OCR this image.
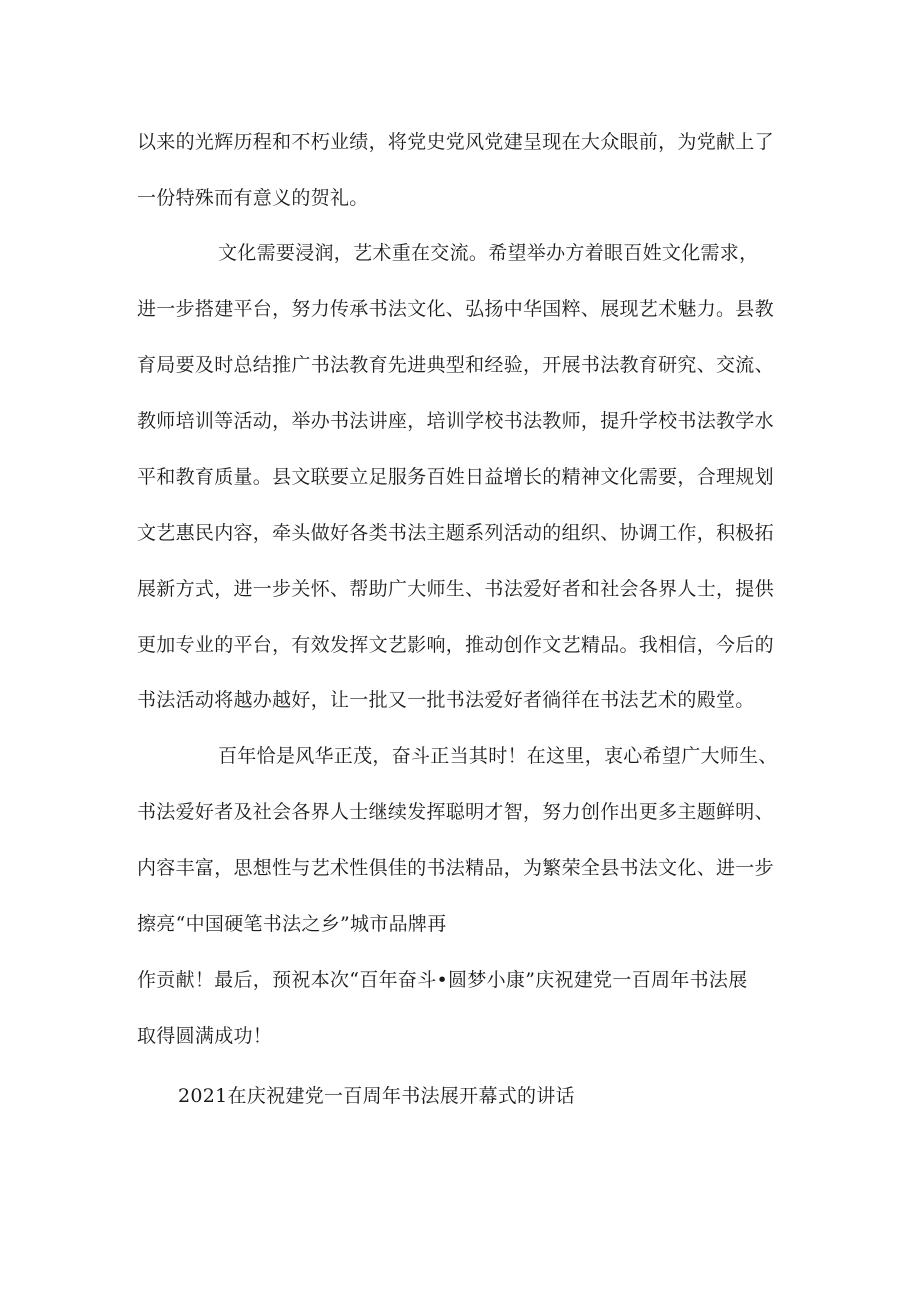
以来的光辉历程和不朽业绩，将党史党风党建呈现在大众眼前，为党献上了
一份特殊而有意义的贺礼。
文化需要浸润，艺术重在交流。希望举办方着眼百姓文化需求，
进一步搭建平台，努力传承书法文化、弘扬中华国粹、展现艺术魅力。县教
育局要及时总结推广书法教育先进典型和经验，开展书法教育研究、交流、
教师培训等活动，举办书法讲座，培训学校书法教师，提升学校书法教学水
平和教育质量。县文联要立足服务百姓日益增长的精神文化需要，合理规划
文艺惠民内容，牵头做好各类书法主题系列活动的组织、协调工作，积极拓
展新方式，进一步关怀、帮助广大师生、书法爱好者和社会各界人士，提供
更加专业的平台，有效发挥文艺影响，推动创作文艺精品。我相信，今后的
书法活动将越办越好，让一批又一批书法爱好者徜徉在书法艺术的殿堂。
百年恰是风华正茂，奋斗正当其时！在这里，衷心希望广大师生、
书法爱好者及社会各界人士继续发挥聪明才智，努力创作出更多主题鲜明、
内容丰富，思想性与艺术性俱佳的书法精品，为繁荣全县书法文化、进一步
擦亮“中国硬笔书法之乡”城市品牌再
作贡献！最后，预祝本次“百年奋斗•圆梦小康”庆祝建党一百周年书法展
取得圆满成功！
2021在庆祝建党一百周年书法展开幕式的讲话
